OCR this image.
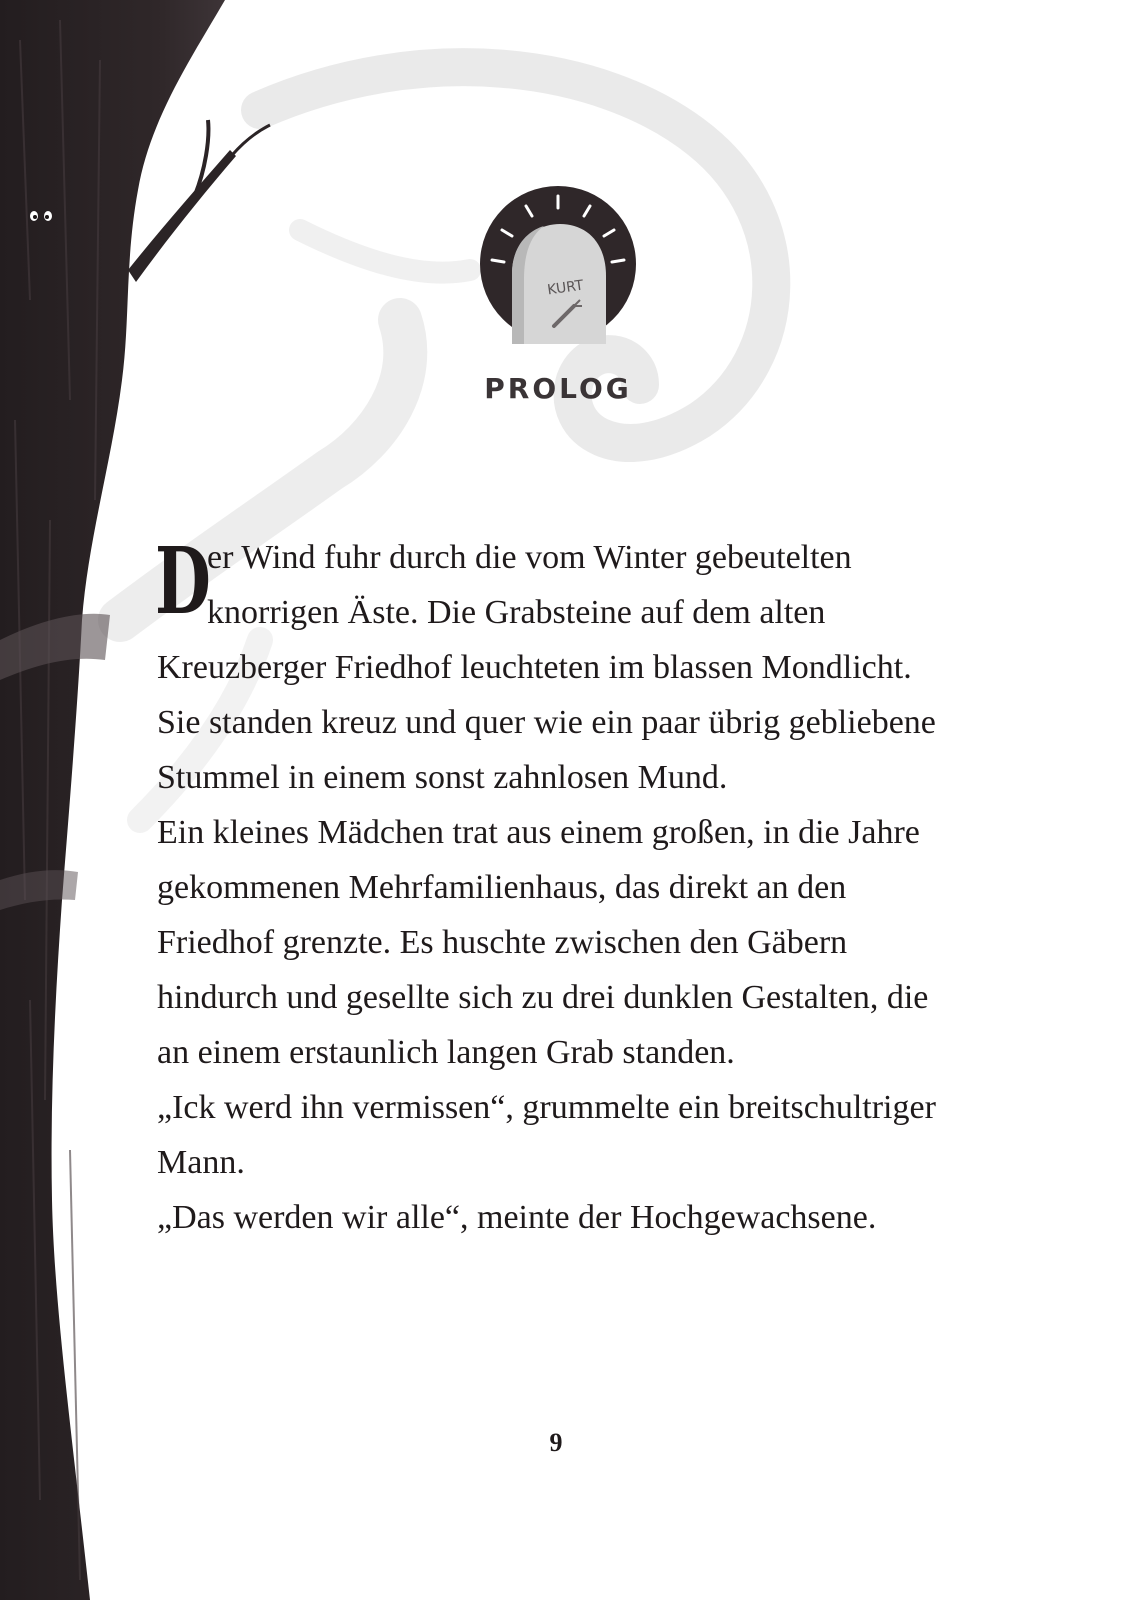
KURT
PROLOG

D
er Wind fuhr durch die vom Winter gebeutelten knorrigen Äste. Die Grabsteine auf dem alten Kreuzberger Friedhof leuchteten im blassen Mondlicht. Sie standen kreuz und quer wie ein paar übrig gebliebene Stummel in einem sonst zahnlosen Mund.

Ein kleines Mädchen trat aus einem großen, in die Jahre gekommenen Mehrfamilienhaus, das direkt an den Friedhof grenzte. Es huschte zwischen den Gäbern hindurch und gesellte sich zu drei dunklen Gestalten, die an einem erstaunlich langen Grab standen.

„Ick werd ihn vermissen“, grummelte ein breitschultriger Mann.

„Das werden wir alle“, meinte der Hochgewachsene.

9
